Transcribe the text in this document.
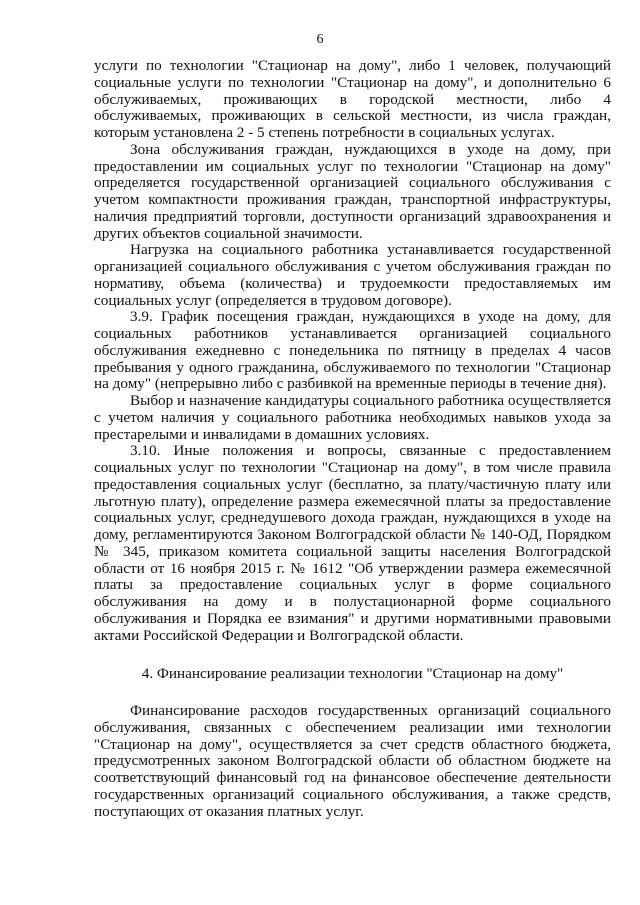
6

услуги по технологии "Стационар на дому", либо 1 человек, получающий социальные услуги по технологии "Стационар на дому", и дополнительно 6 обслуживаемых, проживающих в городской местности, либо 4 обслуживаемых, проживающих в сельской местности, из числа граждан, которым установлена 2 - 5 степень потребности в социальных услугах.

Зона обслуживания граждан, нуждающихся в уходе на дому, при предоставлении им социальных услуг по технологии "Стационар на дому" определяется государственной организацией социального обслуживания с учетом компактности проживания граждан, транспортной инфраструктуры, наличия предприятий торговли, доступности организаций здравоохранения и других объектов социальной значимости.

Нагрузка на социального работника устанавливается государственной организацией социального обслуживания с учетом обслуживания граждан по нормативу, объема (количества) и трудоемкости предоставляемых им социальных услуг (определяется в трудовом договоре).

3.9. График посещения граждан, нуждающихся в уходе на дому, для социальных работников устанавливается организацией социального обслуживания ежедневно с понедельника по пятницу в пределах 4 часов пребывания у одного гражданина, обслуживаемого по технологии "Стационар на дому" (непрерывно либо с разбивкой на временные периоды в течение дня).

Выбор и назначение кандидатуры социального работника осуществляется с учетом наличия у социального работника необходимых навыков ухода за престарелыми и инвалидами в домашних условиях.

3.10. Иные положения и вопросы, связанные с предоставлением социальных услуг по технологии "Стационар на дому", в том числе правила предоставления социальных услуг (бесплатно, за плату/частичную плату или льготную плату), определение размера ежемесячной платы за предоставление социальных услуг, среднедушевого дохода граждан, нуждающихся в уходе на дому, регламентируются Законом Волгоградской области № 140-ОД, Порядком № 345, приказом комитета социальной защиты населения Волгоградской области от 16 ноября 2015 г. № 1612 "Об утверждении размера ежемесячной платы за предоставление социальных услуг в форме социального обслуживания на дому и в полустационарной форме социального обслуживания и Порядка ее взимания" и другими нормативными правовыми актами Российской Федерации и Волгоградской области.

4. Финансирование реализации технологии "Стационар на дому"

Финансирование расходов государственных организаций социального обслуживания, связанных с обеспечением реализации ими технологии "Стационар на дому", осуществляется за счет средств областного бюджета, предусмотренных законом Волгоградской области об областном бюджете на соответствующий финансовый год на финансовое обеспечение деятельности государственных организаций социального обслуживания, а также средств, поступающих от оказания платных услуг.
